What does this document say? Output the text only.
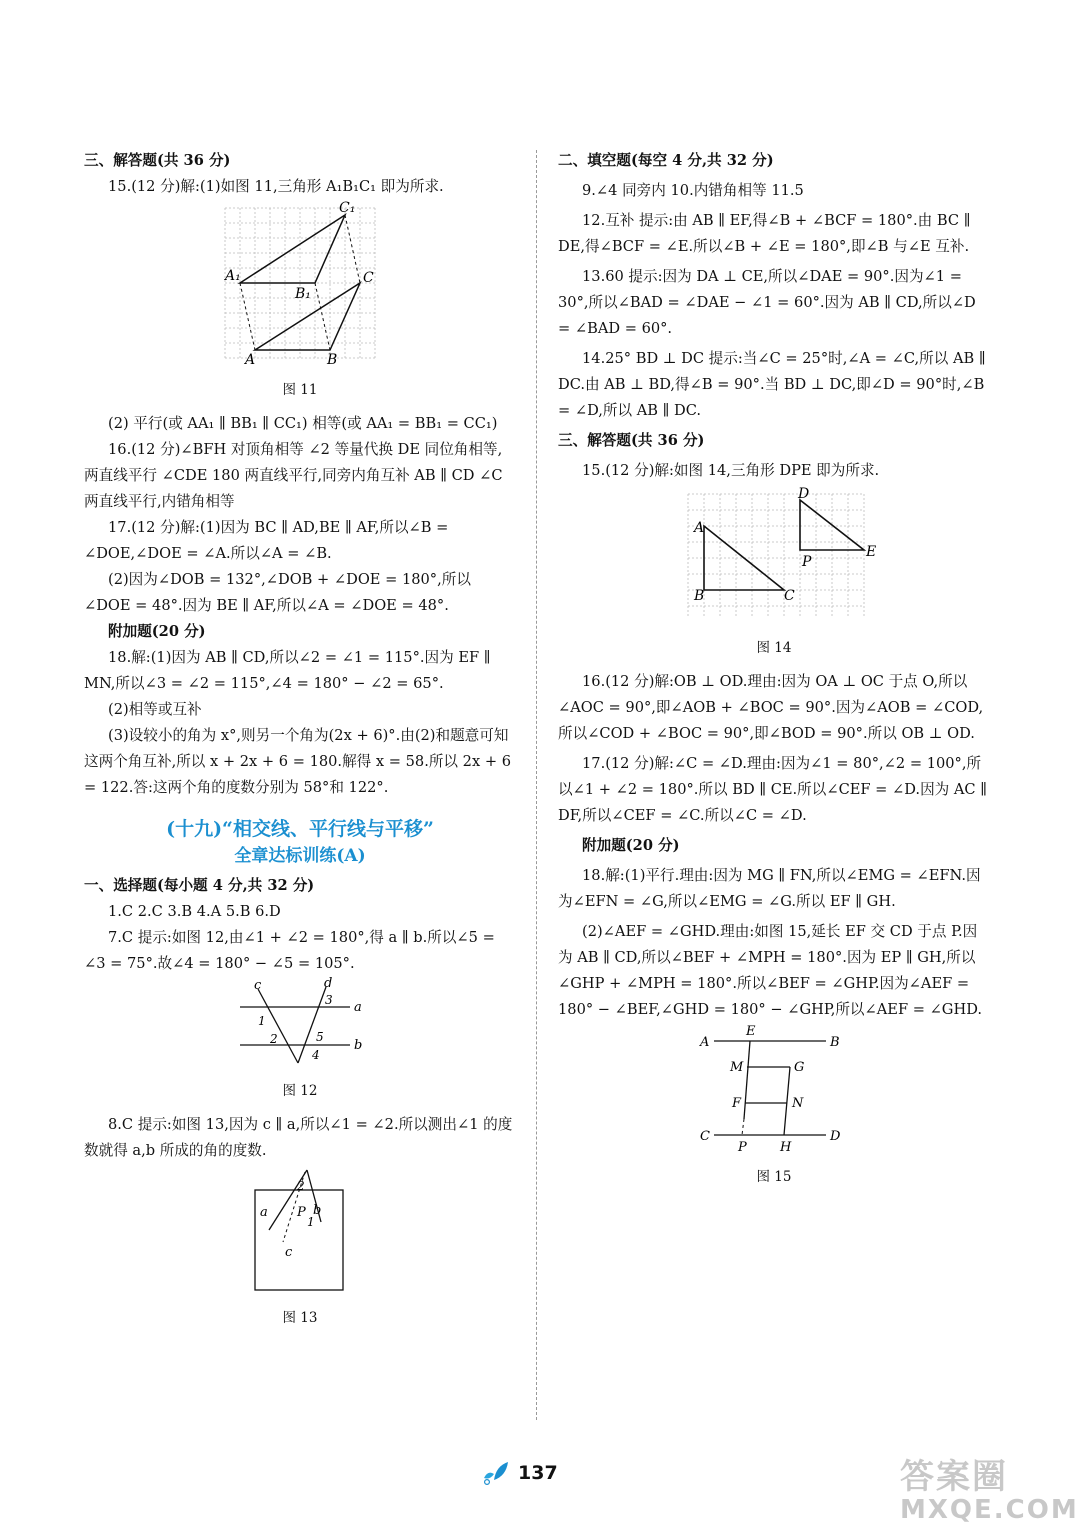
三、解答题(共 36 分)

15.(12 分)解:(1)如图 11,三角形 A₁B₁C₁ 即为所求.

C₁
A₁
B₁
C
A	B

图 11

(2) 平行(或 AA₁ ∥ BB₁ ∥ CC₁) 相等(或 AA₁ = BB₁ = CC₁)

16.(12 分)∠BFH 对顶角相等 ∠2 等量代换 DE 同位角相等,两直线平行 ∠CDE 180 两直线平行,同旁内角互补 AB ∥ CD ∠C 两直线平行,内错角相等

17.(12 分)解:(1)因为 BC ∥ AD,BE ∥ AF,所以∠B = ∠DOE,∠DOE = ∠A.所以∠A = ∠B.

(2)因为∠DOB = 132°,∠DOB + ∠DOE = 180°,所以∠DOE = 48°.因为 BE ∥ AF,所以∠A = ∠DOE = 48°.

附加题(20 分)

18.解:(1)因为 AB ∥ CD,所以∠2 = ∠1 = 115°.因为 EF ∥ MN,所以∠3 = ∠2 = 115°,∠4 = 180° − ∠2 = 65°.

(2)相等或互补

(3)设较小的角为 x°,则另一个角为(2x + 6)°.由(2)和题意可知这两个角互补,所以 x + 2x + 6 = 180.解得 x = 58.所以 2x + 6 = 122.答:这两个角的度数分别为 58°和 122°.

(十九)“相交线、平行线与平移”

全章达标训练(A)

一、选择题(每小题 4 分,共 32 分)

1.C 2.C 3.B 4.A 5.B 6.D

7.C 提示:如图 12,由∠1 + ∠2 = 180°,得 a ∥ b.所以∠5 = ∠3 = 75°.故∠4 = 180° − ∠5 = 105°.

c	d
a
b
1
2
3
4
5

图 12

8.C 提示:如图 13,因为 c ∥ a,所以∠1 = ∠2.所以测出∠1 的度数就得 a,b 所成的角的度数.

a P b
c
1
2

图 13

二、填空题(每空 4 分,共 32 分)

9.∠4 同旁内 10.内错角相等 11.5

12.互补 提示:由 AB ∥ EF,得∠B + ∠BCF = 180°.由 BC ∥ DE,得∠BCF = ∠E.所以∠B + ∠E = 180°,即∠B 与∠E 互补.

13.60 提示:因为 DA ⊥ CE,所以∠DAE = 90°.因为∠1 = 30°,所以∠BAD = ∠DAE − ∠1 = 60°.因为 AB ∥ CD,所以∠D = ∠BAD = 60°.

14.25° BD ⊥ DC 提示:当∠C = 25°时,∠A = ∠C,所以 AB ∥ DC.由 AB ⊥ BD,得∠B = 90°.当 BD ⊥ DC,即∠D = 90°时,∠B = ∠D,所以 AB ∥ DC.

三、解答题(共 36 分)

15.(12 分)解:如图 14,三角形 DPE 即为所求.

D
A
P
E
B	C

图 14

16.(12 分)解:OB ⊥ OD.理由:因为 OA ⊥ OC 于点 O,所以∠AOC = 90°,即∠AOB + ∠BOC = 90°.因为∠AOB = ∠COD,所以∠COD + ∠BOC = 90°,即∠BOD = 90°.所以 OB ⊥ OD.

17.(12 分)解:∠C = ∠D.理由:因为∠1 = 80°,∠2 = 100°,所以∠1 + ∠2 = 180°.所以 BD ∥ CE.所以∠CEF = ∠D.因为 AC ∥ DF,所以∠CEF = ∠C.所以∠C = ∠D.

附加题(20 分)

18.解:(1)平行.理由:因为 MG ∥ FN,所以∠EMG = ∠EFN.因为∠EFN = ∠G,所以∠EMG = ∠G.所以 EF ∥ GH.

(2)∠AEF = ∠GHD.理由:如图 15,延长 EF 交 CD 于点 P.因为 AB ∥ CD,所以∠BEF + ∠MPH = 180°.因为 EP ∥ GH,所以∠GHP + ∠MPH = 180°.所以∠BEF = ∠GHP.因为∠AEF = 180° − ∠BEF,∠GHD = 180° − ∠GHP,所以∠AEF = ∠GHD.

A
E
B
M	G
F	N
C
P	H
D

图 15

137	答案圈
MXQE.COM
